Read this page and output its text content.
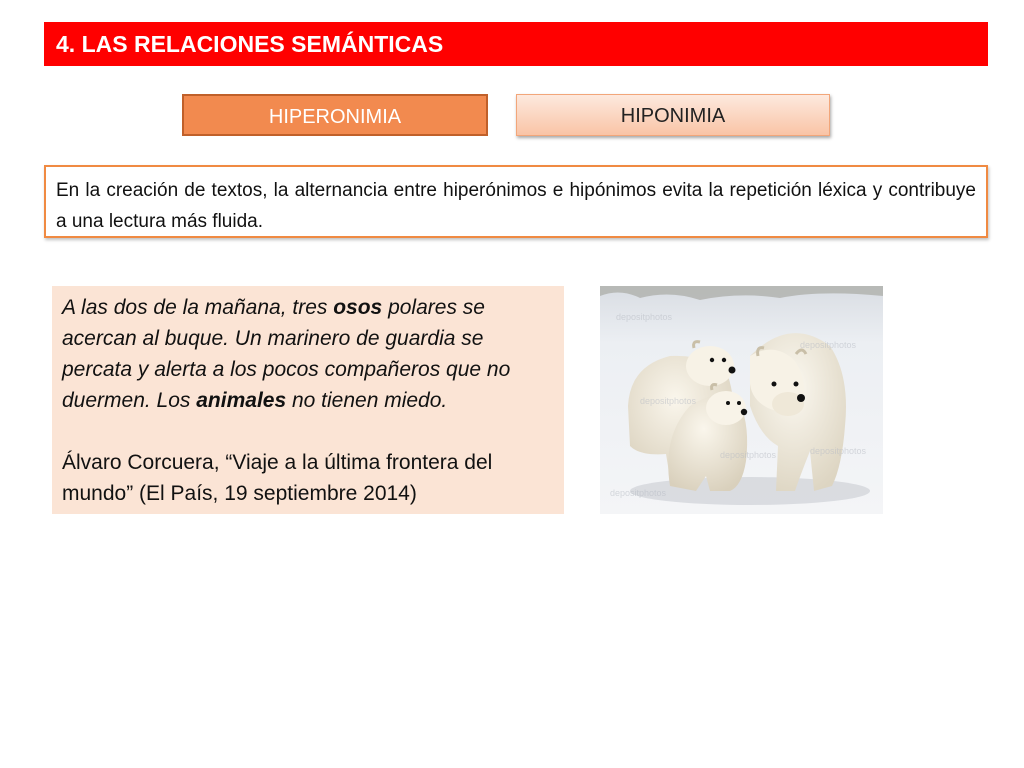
4. LAS RELACIONES SEMÁNTICAS
HIPERONIMIA	HIPONIMIA
En la creación de textos, la alternancia entre hiperónimos e hipónimos evita la repetición léxica y contribuye a una lectura más fluida.

A las dos de la mañana, tres osos polares se acercan al buque. Un marinero de guardia se percata y alerta a los pocos compañeros que no duermen. Los animales no tienen miedo.

Álvaro Corcuera, “Viaje a la última frontera del mundo” (El País, 19 septiembre 2014)

depositphotos
depositphotos
depositphotos
depositphotos	depositphotos
depositphotos
